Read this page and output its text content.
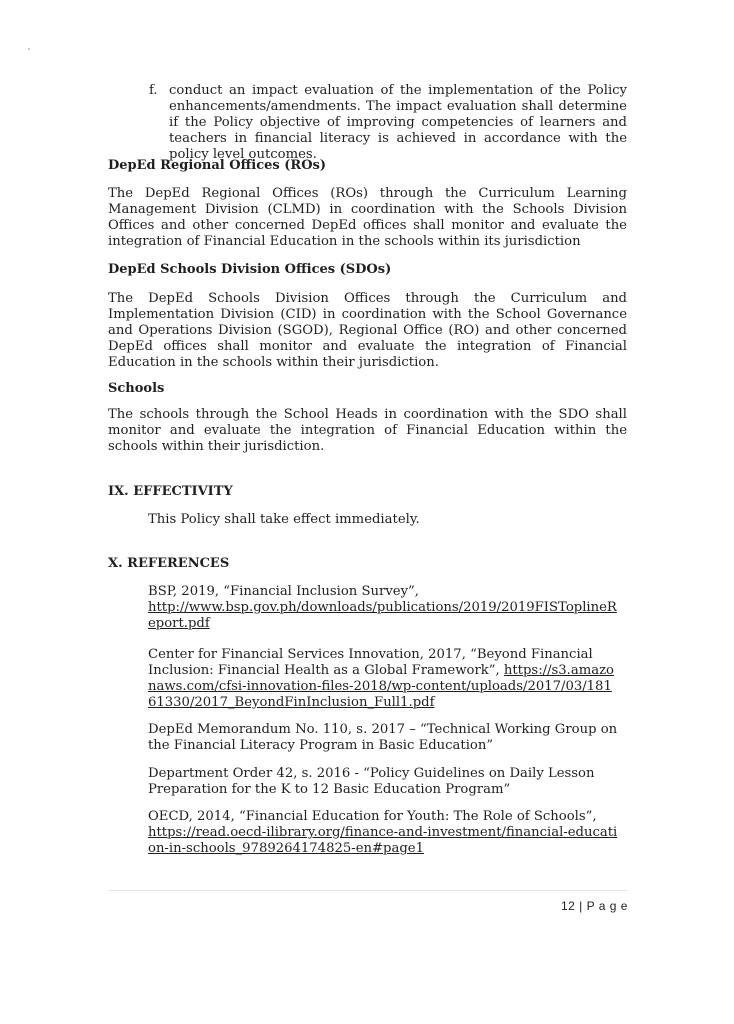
f. conduct an impact evaluation of the implementation of the Policy enhancements/amendments. The impact evaluation shall determine if the Policy objective of improving competencies of learners and teachers in financial literacy is achieved in accordance with the policy level outcomes.
DepEd Regional Offices (ROs)
The DepEd Regional Offices (ROs) through the Curriculum Learning Management Division (CLMD) in coordination with the Schools Division Offices and other concerned DepEd offices shall monitor and evaluate the integration of Financial Education in the schools within its jurisdiction
DepEd Schools Division Offices (SDOs)
The DepEd Schools Division Offices through the Curriculum and Implementation Division (CID) in coordination with the School Governance and Operations Division (SGOD), Regional Office (RO) and other concerned DepEd offices shall monitor and evaluate the integration of Financial Education in the schools within their jurisdiction.
Schools
The schools through the School Heads in coordination with the SDO shall monitor and evaluate the integration of Financial Education within the schools within their jurisdiction.
IX. EFFECTIVITY
This Policy shall take effect immediately.
X. REFERENCES
BSP, 2019, “Financial Inclusion Survey”,
http://www.bsp.gov.ph/downloads/publications/2019/2019FISToplineReport.pdf
Center for Financial Services Innovation, 2017, “Beyond Financial Inclusion: Financial Health as a Global Framework”, https://s3.amazonaws.com/cfsi-innovation-files-2018/wp-content/uploads/2017/03/18161330/2017_BeyondFinInclusion_Full1.pdf
DepEd Memorandum No. 110, s. 2017 – “Technical Working Group on the Financial Literacy Program in Basic Education”
Department Order 42, s. 2016 - “Policy Guidelines on Daily Lesson Preparation for the K to 12 Basic Education Program”
OECD, 2014, “Financial Education for Youth: The Role of Schools”,
https://read.oecd-ilibrary.org/finance-and-investment/financial-education-in-schools_9789264174825-en#page1
12 | P a g e
